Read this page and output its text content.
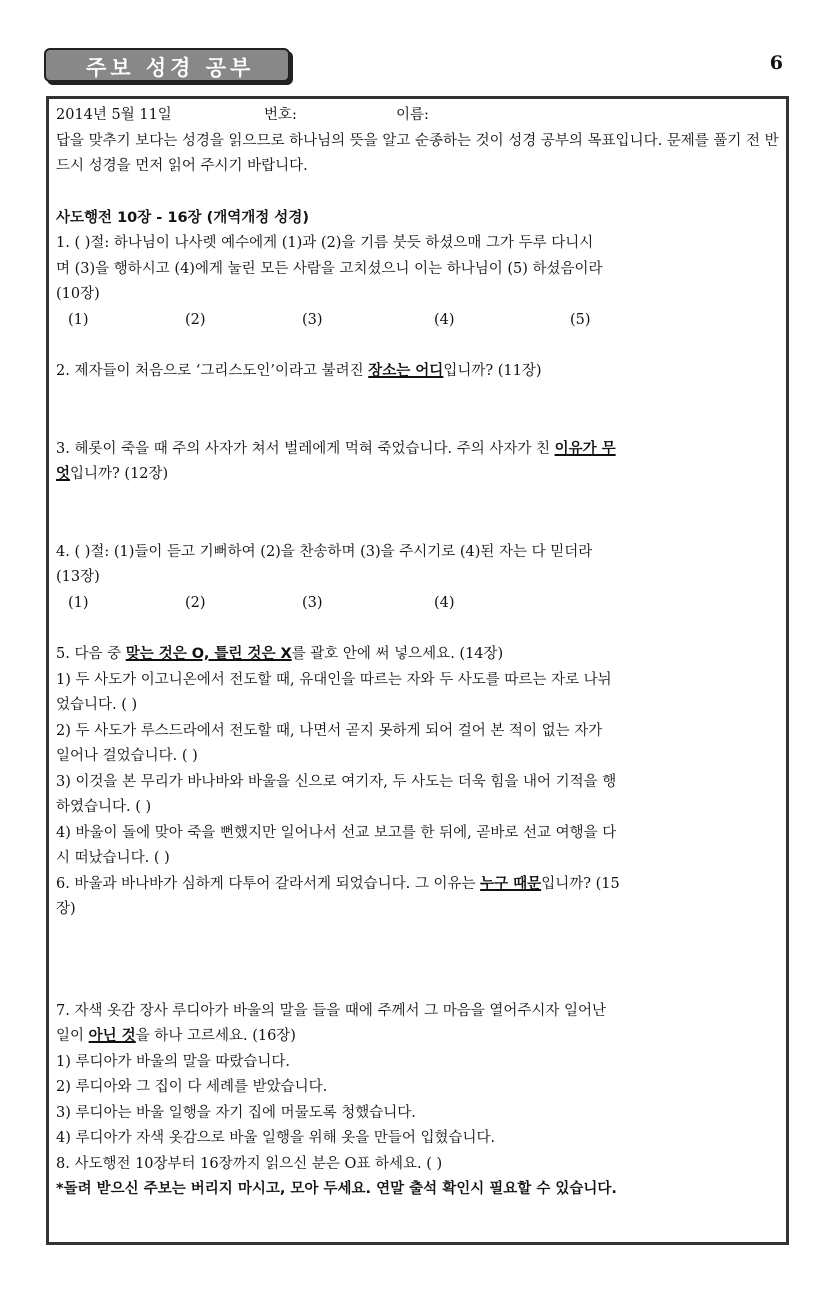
주보 성경 공부	6
2014년 5월 11일	번호:	이름:
답을 맞추기 보다는 성경을 읽으므로 하나님의 뜻을 알고 순종하는 것이 성경 공부의 목표입니다. 문제를 풀기 전 반드시 성경을 먼저 읽어 주시기 바랍니다.
사도행전 10장 - 16장 (개역개정 성경)
1. ( )절: 하나님이 나사렛 예수에게 (1)과 (2)을 기름 붓듯 하셨으매 그가 두루 다니시
며 (3)을 행하시고 (4)에게 눌린 모든 사람을 고치셨으니 이는 하나님이 (5) 하셨음이라
(10장)
(1)	(2)	(3)	(4)	(5)
2. 제자들이 처음으로 ‘그리스도인’이라고 불려진 장소는 어디입니까? (11장)
3. 헤롯이 죽을 때 주의 사자가 쳐서 벌레에게 먹혀 죽었습니다. 주의 사자가 친 이유가 무
엇입니까? (12장)
4. ( )절: (1)들이 듣고 기뻐하여 (2)을 찬송하며 (3)을 주시기로 (4)된 자는 다 믿더라
(13장)
(1)	(2)	(3)	(4)
5. 다음 중 맞는 것은 O, 틀린 것은 X를 괄호 안에 써 넣으세요. (14장)
1) 두 사도가 이고니온에서 전도할 때, 유대인을 따르는 자와 두 사도를 따르는 자로 나뉘
었습니다. ( )
2) 두 사도가 루스드라에서 전도할 때, 나면서 곧지 못하게 되어 걸어 본 적이 없는 자가
일어나 걸었습니다. ( )
3) 이것을 본 무리가 바나바와 바울을 신으로 여기자, 두 사도는 더욱 힘을 내어 기적을 행
하였습니다. ( )
4) 바울이 돌에 맞아 죽을 뻔했지만 일어나서 선교 보고를 한 뒤에, 곧바로 선교 여행을 다
시 떠났습니다. ( )
6. 바울과 바나바가 심하게 다투어 갈라서게 되었습니다. 그 이유는 누구 때문입니까? (15
장)
7. 자색 옷감 장사 루디아가 바울의 말을 들을 때에 주께서 그 마음을 열어주시자 일어난
일이 아닌 것을 하나 고르세요. (16장)
1) 루디아가 바울의 말을 따랐습니다.
2) 루디아와 그 집이 다 세례를 받았습니다.
3) 루디아는 바울 일행을 자기 집에 머물도록 청했습니다.
4) 루디아가 자색 옷감으로 바울 일행을 위해 옷을 만들어 입혔습니다.
8. 사도행전 10장부터 16장까지 읽으신 분은 O표 하세요. ( )
*돌려 받으신 주보는 버리지 마시고, 모아 두세요. 연말 출석 확인시 필요할 수 있습니다.
